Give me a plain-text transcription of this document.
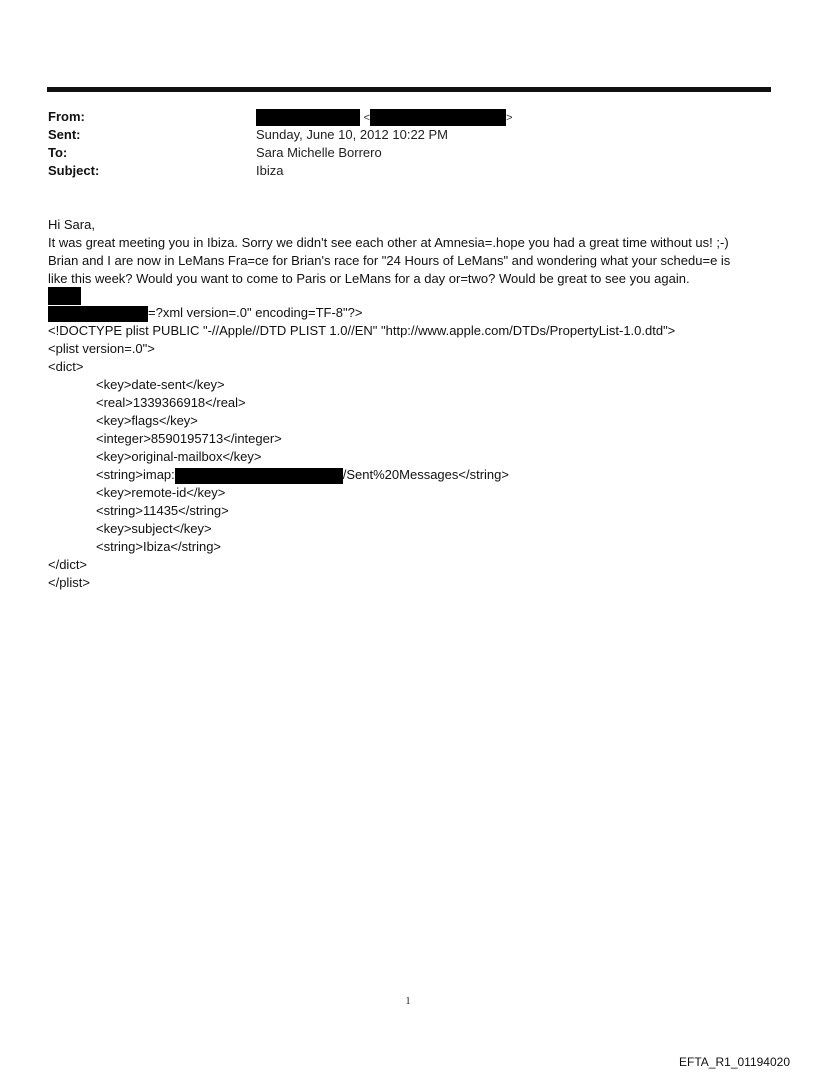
From:	<	>
Sent:	Sunday, June 10, 2012 10:22 PM
To:	Sara Michelle Borrero
Subject:	Ibiza

Hi Sara,

It was great meeting you in Ibiza. Sorry we didn't see each other at Amnesia=.hope you had a great time without us! ;-)

Brian and I are now in LeMans Fra=ce for Brian's race for "24 Hours of LeMans" and wondering what your schedu=e is

like this week? Would you want to come to Paris or LeMans for a day or=two? Would be great to see you again.

=?xml version=.0" encoding=TF-8"?>
<!DOCTYPE plist PUBLIC "-//Apple//DTD PLIST 1.0//EN" "http://www.apple.com/DTDs/PropertyList-1.0.dtd">
<plist version=.0">
<dict>
<key>date-sent</key>
<real>1339366918</real>
<key>flags</key>
<integer>8590195713</integer>
<key>original-mailbox</key>
<string>imap:	/Sent%20Messages</string>
<key>remote-id</key>
<string>11435</string>
<key>subject</key>
<string>Ibiza</string>
</dict>
</plist>
1
EFTA_R1_01194020
